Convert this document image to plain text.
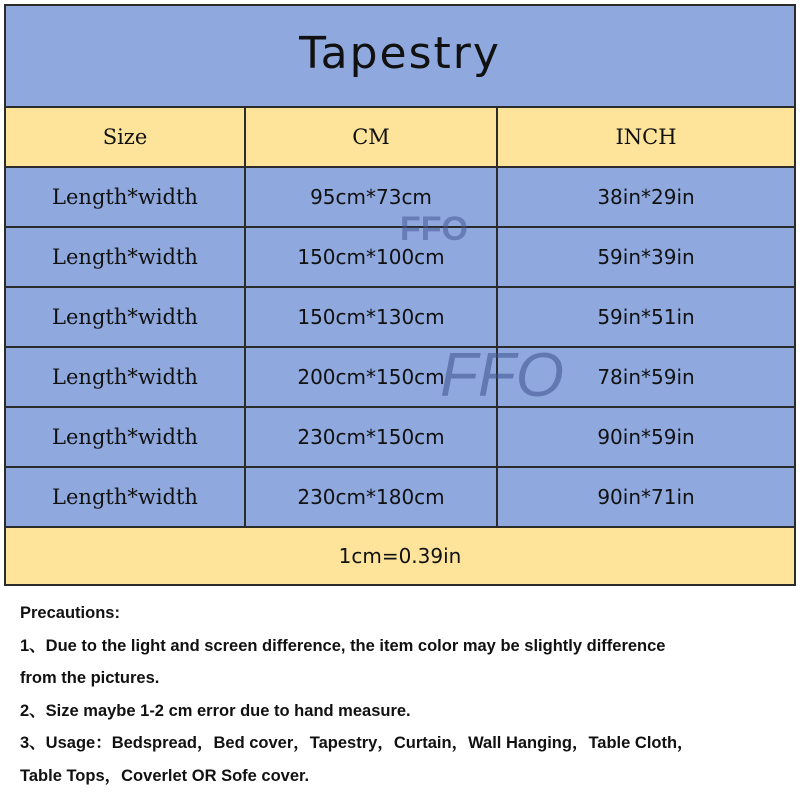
Tapestry
Size	CM	INCH
Length*width	95cm*73cm	38in*29in
Length*width	150cm*100cm	59in*39in
Length*width	150cm*130cm	59in*51in
Length*width	200cm*150cm	78in*59in
Length*width	230cm*150cm	90in*59in
Length*width	230cm*180cm	90in*71in
1cm=0.39in
FFO
FFO
Precautions:
1、Due to the light and screen difference, the item color may be slightly difference
from the pictures.
2、Size maybe 1-2 cm error due to hand measure.
3、Usage：Bedspread，Bed cover，Tapestry，Curtain，Wall Hanging，Table Cloth，
Table Tops，Coverlet OR Sofe cover.
